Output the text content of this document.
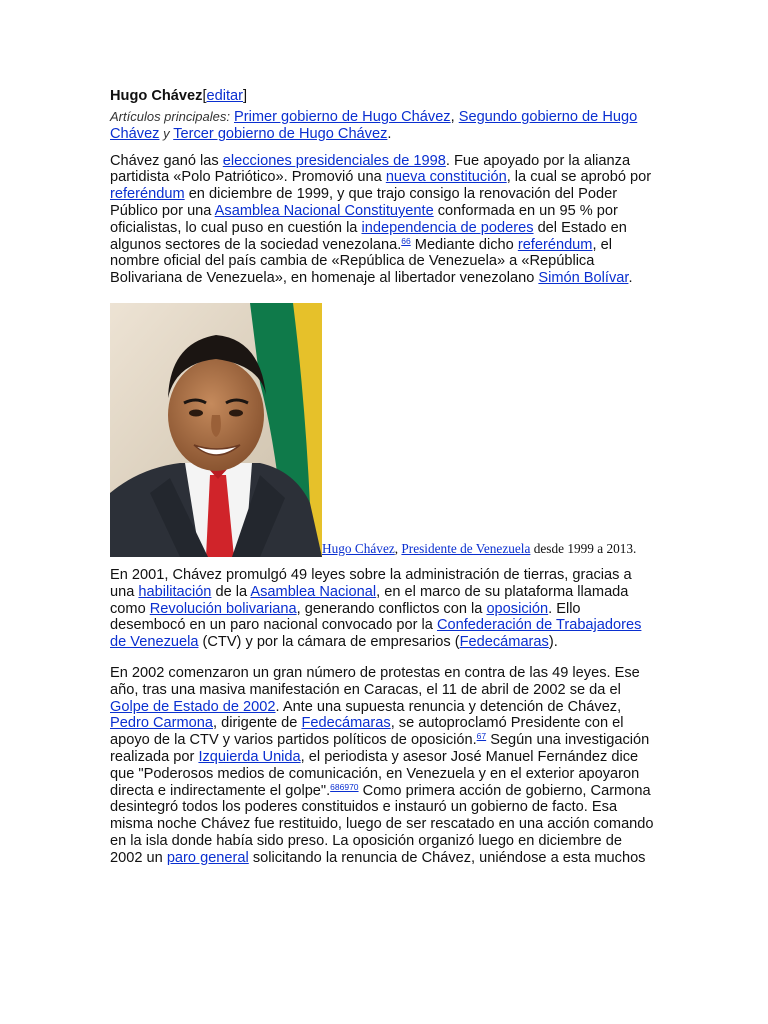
Hugo Chávez[editar]
Artículos principales: Primer gobierno de Hugo Chávez, Segundo gobierno de Hugo Chávez y Tercer gobierno de Hugo Chávez.

Chávez ganó las elecciones presidenciales de 1998. Fue apoyado por la alianza partidista «Polo Patriótico». Promovió una nueva constitución, la cual se aprobó por referéndum en diciembre de 1999, y que trajo consigo la renovación del Poder Público por una Asamblea Nacional Constituyente conformada en un 95 % por oficialistas, lo cual puso en cuestión la independencia de poderes del Estado en algunos sectores de la sociedad venezolana.$^{66}$ Mediante dicho referéndum, el nombre oficial del país cambia de «República de Venezuela» a «República Bolivariana de Venezuela», en homenaje al libertador venezolano Simón Bolívar.

Hugo Chávez, Presidente de Venezuela desde 1999 a 2013.

En 2001, Chávez promulgó 49 leyes sobre la administración de tierras, gracias a una habilitación de la Asamblea Nacional, en el marco de su plataforma llamada como Revolución bolivariana, generando conflictos con la oposición. Ello desembocó en un paro nacional convocado por la Confederación de Trabajadores de Venezuela (CTV) y por la cámara de empresarios (Fedecámaras).

En 2002 comenzaron un gran número de protestas en contra de las 49 leyes. Ese año, tras una masiva manifestación en Caracas, el 11 de abril de 2002 se da el Golpe de Estado de 2002. Ante una supuesta renuncia y detención de Chávez, Pedro Carmona, dirigente de Fedecámaras, se autoproclamó Presidente con el apoyo de la CTV y varios partidos políticos de oposición.$^{67}$ Según una investigación realizada por Izquierda Unida, el periodista y asesor José Manuel Fernández dice que "Poderosos medios de comunicación, en Venezuela y en el exterior apoyaron directa e indirectamente el golpe".$^{686970}$ Como primera acción de gobierno, Carmona desintegró todos los poderes constituidos e instauró un gobierno de facto. Esa misma noche Chávez fue restituido, luego de ser rescatado en una acción comando en la isla donde había sido preso. La oposición organizó luego en diciembre de 2002 un paro general solicitando la renuncia de Chávez, uniéndose a esta muchos
